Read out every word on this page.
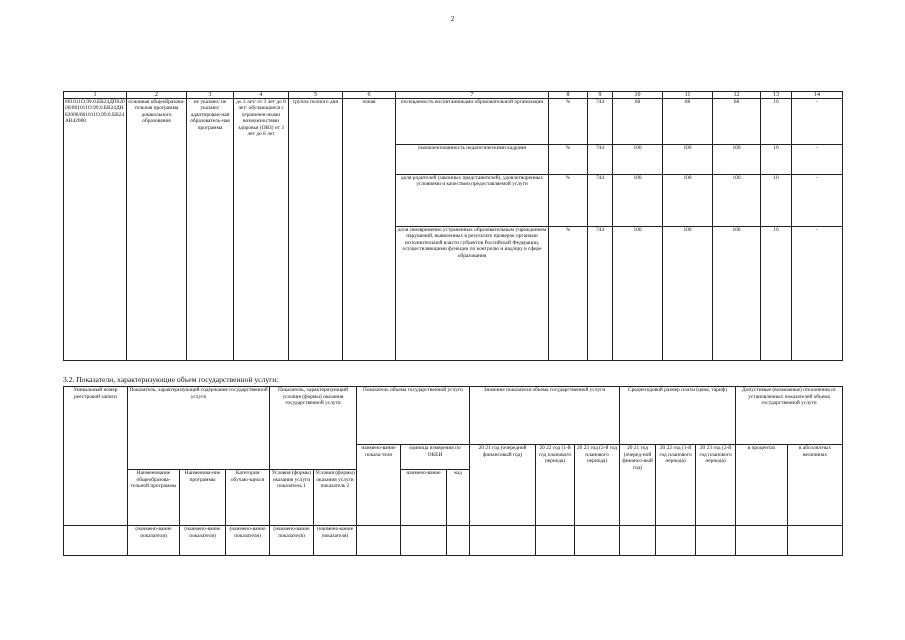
2
1	2	3	4	5	6	7	8	9	10	11	12	13	14
801011О.99.0.БВ24ДП02000/801011О.99.0.БВ24ДН82000/801011О.99.0.БВ24АВ42000	основная общеобразова-тельная программа дошкольного образования	не указано/ не указано/ адаптирован-ная образователь-ная программа	до 3 лет/ от 3 лет до 8 лет/ обучающиеся с ограничен-ными возможностями здоровья (ОВЗ) от 3 лет до 8 лет	группа полного дня	очная	посещаемость воспитанниками образовательной организации	%	744	68	68	68	10	-
						укомплектованность педагогическими кадрами	%	744	100	100	100	10	-
						доля родителей (законных представителей), удовлетворенных условиями и качеством предоставляемой услуги	%	744	100	100	100	10	-
						доля своевременно устраненных образовательным учреждением нарушений, выявленных в результате проверок органами исполнительной власти субъектов Российской Федерации, осуществляющими функции по контролю и надзору в сфере образования	%	744	100	100	100	10	-
3.2. Показатели, характеризующие объем государственной услуги:
Уникальный номер реестровой записи	Показатель, характеризующий содержание государственной услуги			Показатель, характеризующий условия (формы) оказания государственной услуги		Показатель объема государственной услуги			Значение показателя объема государственной услуги			Среднегодовой размер платы (цена, тариф)			Допустимые (возможные) отклонения от установленных показателей объема государственной услуги	
						наимено-вание показа-теля	единица измерения по ОКЕИ		20 21 год (очередной финансовый год)	20 22 год (1-й год планового периода)	20 23 год (2-й год планового периода)	20 21 год (очеред-ной финансо-вый год)	20 22 год (1-й год планового периода)	20 23 год (2-й год планового периода)	в процентах	в абсолютных величинах
	Наименование общеобразова-тельной программы	Наименова-ние программы	Категория обучаю-щихся	Условия (формы) оказания услуги показатель 1	Условия (формы) оказания услуги показатель 2		наимено-вание	код								
	(наимено-вание показателя)	(наимено-вание показателя)	(наимено-вание показателя)	(наимено-вание показателя)	(наимено-вание показателя)											
